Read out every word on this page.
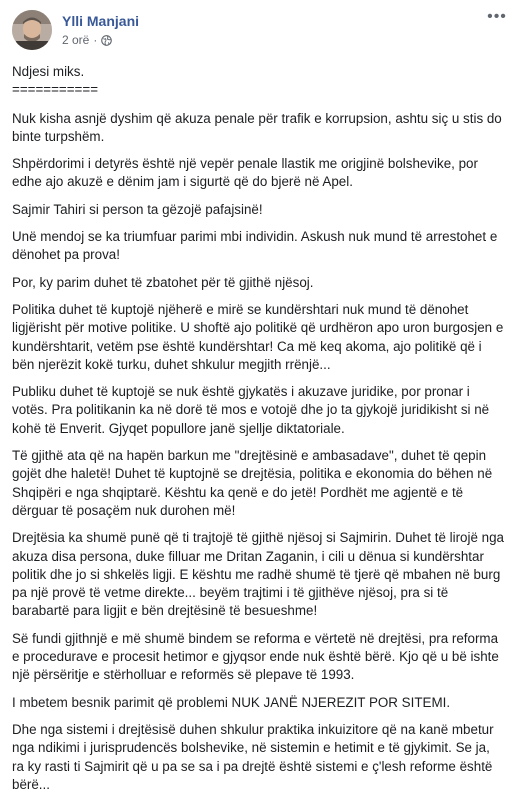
Ylli Manjani
2 orë ·
•••

Ndjesi miks.

===========

Nuk kisha asnjë dyshim që akuza penale për trafik e korrupsion, ashtu siç u stis do binte turpshëm.

Shpërdorimi i detyrës është një vepër penale llastik me origjinë bolshevike, por edhe ajo akuzë e dënim jam i sigurtë që do bjerë në Apel.

Sajmir Tahiri si person ta gëzojë pafajsinë!

Unë mendoj se ka triumfuar parimi mbi individin. Askush nuk mund të arrestohet e dënohet pa prova!

Por, ky parim duhet të zbatohet për të gjithë njësoj.

Politika duhet të kuptojë njëherë e mirë se kundërshtari nuk mund të dënohet ligjërisht për motive politike. U shoftë ajo politikë që urdhëron apo uron burgosjen e kundërshtarit, vetëm pse është kundërshtar! Ca më keq akoma, ajo politikë që i bën njerëzit kokë turku, duhet shkulur megjith rrënjë...

Publiku duhet të kuptojë se nuk është gjykatës i akuzave juridike, por pronar i votës. Pra politikanin ka në dorë të mos e votojë dhe jo ta gjykojë juridikisht si në kohë të Enverit. Gjyqet popullore janë sjellje diktatoriale.

Të gjithë ata që na hapën barkun me "drejtësinë e ambasadave", duhet të qepin gojët dhe haletë! Duhet të kuptojnë se drejtësia, politika e ekonomia do bëhen në Shqipëri e nga shqiptarë. Kështu ka qenë e do jetë! Pordhët me agjentë e të dërguar të posaçëm nuk durohen më!

Drejtësia ka shumë punë që ti trajtojë të gjithë njësoj si Sajmirin. Duhet të lirojë nga akuza disa persona, duke filluar me Dritan Zaganin, i cili u dënua si kundërshtar politik dhe jo si shkelës ligji. E kështu me radhë shumë të tjerë që mbahen në burg pa një provë të vetme direkte... beyëm trajtimi i të gjithëve njësoj, pra si të barabartë para ligjit e bën drejtësinë të besueshme!

Së fundi gjithnjë e më shumë bindem se reforma e vërtetë në drejtësi, pra reforma e procedurave e procesit hetimor e gjyqsor ende nuk është bërë. Kjo që u bë ishte një përsëritje e stërholluar e reformës së plepave të 1993.

I mbetem besnik parimit që problemi NUK JANË NJEREZIT POR SITEMI.

Dhe nga sistemi i drejtësisë duhen shkulur praktika inkuizitore që na kanë mbetur nga ndikimi i jurisprudencës bolshevike, në sistemin e hetimit e të gjykimit. Se ja, ra ky rasti ti Sajmirit që u pa se sa i pa drejtë është sistemi e ç'lesh reforme është bërë...
